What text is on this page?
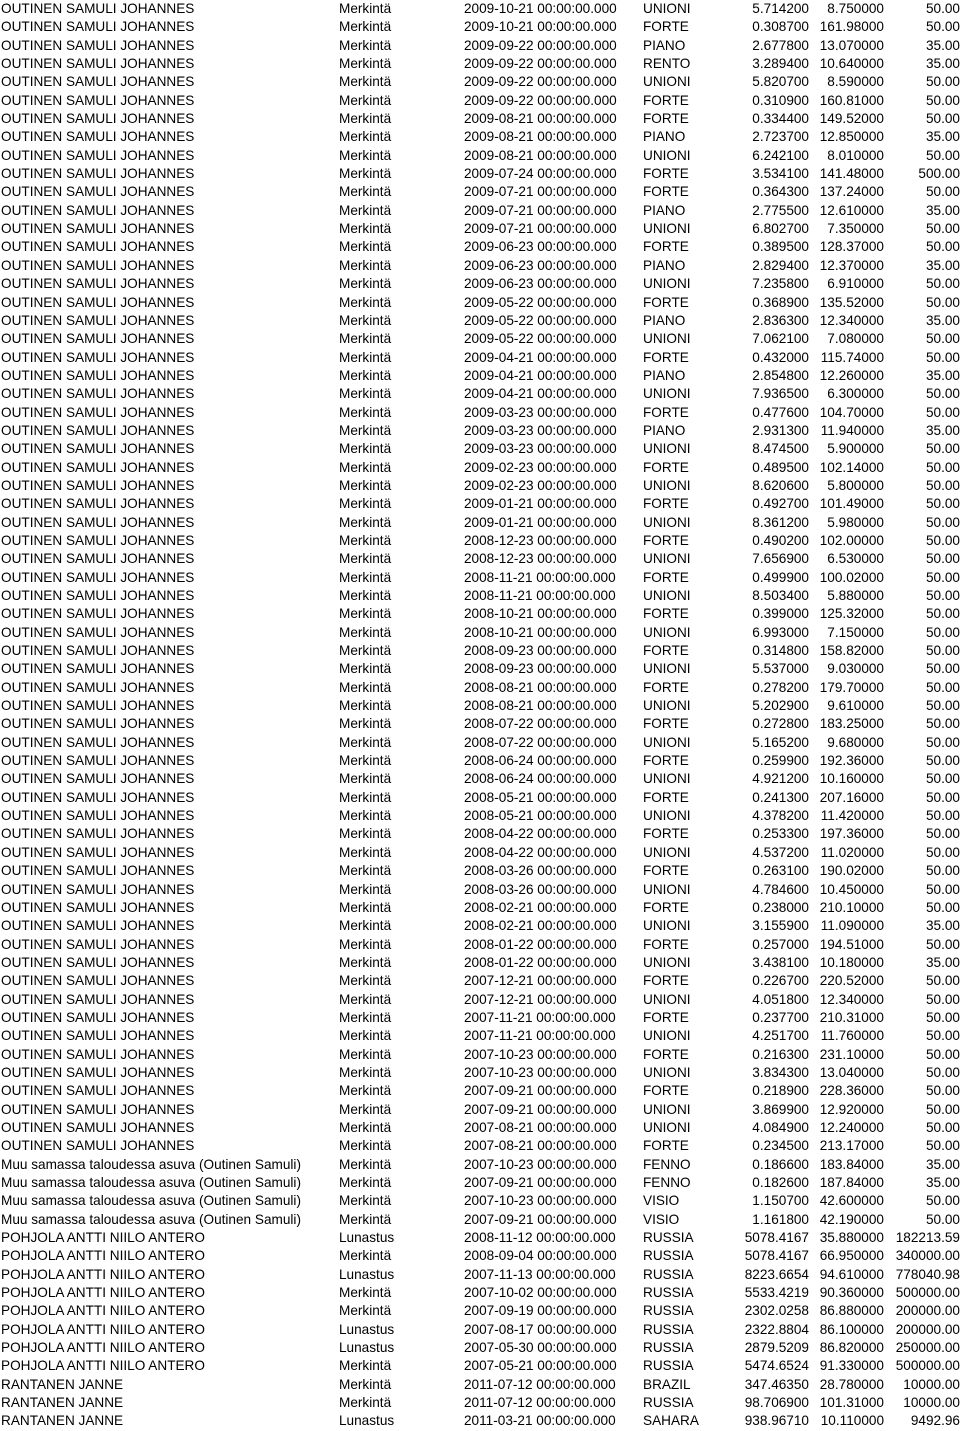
OUTINEN SAMULI JOHANNES	Merkintä	2009-10-21 00:00:00.000 UNIONI	5.714200 8.750000	50.00
OUTINEN SAMULI JOHANNES	Merkintä	2009-10-21 00:00:00.000 FORTE	0.308700 161.98000	50.00
OUTINEN SAMULI JOHANNES	Merkintä	2009-09-22 00:00:00.000 PIANO	2.677800 13.070000	35.00
OUTINEN SAMULI JOHANNES	Merkintä	2009-09-22 00:00:00.000 RENTO	3.289400 10.640000	35.00
OUTINEN SAMULI JOHANNES	Merkintä	2009-09-22 00:00:00.000 UNIONI	5.820700 8.590000	50.00
OUTINEN SAMULI JOHANNES	Merkintä	2009-09-22 00:00:00.000 FORTE	0.310900 160.81000	50.00
OUTINEN SAMULI JOHANNES	Merkintä	2009-08-21 00:00:00.000 FORTE	0.334400 149.52000	50.00
OUTINEN SAMULI JOHANNES	Merkintä	2009-08-21 00:00:00.000 PIANO	2.723700 12.850000	35.00
OUTINEN SAMULI JOHANNES	Merkintä	2009-08-21 00:00:00.000 UNIONI	6.242100 8.010000	50.00
OUTINEN SAMULI JOHANNES	Merkintä	2009-07-24 00:00:00.000 FORTE	3.534100 141.48000	500.00
OUTINEN SAMULI JOHANNES	Merkintä	2009-07-21 00:00:00.000 FORTE	0.364300 137.24000	50.00
OUTINEN SAMULI JOHANNES	Merkintä	2009-07-21 00:00:00.000 PIANO	2.775500 12.610000	35.00
OUTINEN SAMULI JOHANNES	Merkintä	2009-07-21 00:00:00.000 UNIONI	6.802700 7.350000	50.00
OUTINEN SAMULI JOHANNES	Merkintä	2009-06-23 00:00:00.000 FORTE	0.389500 128.37000	50.00
OUTINEN SAMULI JOHANNES	Merkintä	2009-06-23 00:00:00.000 PIANO	2.829400 12.370000	35.00
OUTINEN SAMULI JOHANNES	Merkintä	2009-06-23 00:00:00.000 UNIONI	7.235800 6.910000	50.00
OUTINEN SAMULI JOHANNES	Merkintä	2009-05-22 00:00:00.000 FORTE	0.368900 135.52000	50.00
OUTINEN SAMULI JOHANNES	Merkintä	2009-05-22 00:00:00.000 PIANO	2.836300 12.340000	35.00
OUTINEN SAMULI JOHANNES	Merkintä	2009-05-22 00:00:00.000 UNIONI	7.062100 7.080000	50.00
OUTINEN SAMULI JOHANNES	Merkintä	2009-04-21 00:00:00.000 FORTE	0.432000 115.74000	50.00
OUTINEN SAMULI JOHANNES	Merkintä	2009-04-21 00:00:00.000 PIANO	2.854800 12.260000	35.00
OUTINEN SAMULI JOHANNES	Merkintä	2009-04-21 00:00:00.000 UNIONI	7.936500 6.300000	50.00
OUTINEN SAMULI JOHANNES	Merkintä	2009-03-23 00:00:00.000 FORTE	0.477600 104.70000	50.00
OUTINEN SAMULI JOHANNES	Merkintä	2009-03-23 00:00:00.000 PIANO	2.931300 11.940000	35.00
OUTINEN SAMULI JOHANNES	Merkintä	2009-03-23 00:00:00.000 UNIONI	8.474500 5.900000	50.00
OUTINEN SAMULI JOHANNES	Merkintä	2009-02-23 00:00:00.000 FORTE	0.489500 102.14000	50.00
OUTINEN SAMULI JOHANNES	Merkintä	2009-02-23 00:00:00.000 UNIONI	8.620600 5.800000	50.00
OUTINEN SAMULI JOHANNES	Merkintä	2009-01-21 00:00:00.000 FORTE	0.492700 101.49000	50.00
OUTINEN SAMULI JOHANNES	Merkintä	2009-01-21 00:00:00.000 UNIONI	8.361200 5.980000	50.00
OUTINEN SAMULI JOHANNES	Merkintä	2008-12-23 00:00:00.000 FORTE	0.490200 102.00000	50.00
OUTINEN SAMULI JOHANNES	Merkintä	2008-12-23 00:00:00.000 UNIONI	7.656900 6.530000	50.00
OUTINEN SAMULI JOHANNES	Merkintä	2008-11-21 00:00:00.000 FORTE	0.499900 100.02000	50.00
OUTINEN SAMULI JOHANNES	Merkintä	2008-11-21 00:00:00.000 UNIONI	8.503400 5.880000	50.00
OUTINEN SAMULI JOHANNES	Merkintä	2008-10-21 00:00:00.000 FORTE	0.399000 125.32000	50.00
OUTINEN SAMULI JOHANNES	Merkintä	2008-10-21 00:00:00.000 UNIONI	6.993000 7.150000	50.00
OUTINEN SAMULI JOHANNES	Merkintä	2008-09-23 00:00:00.000 FORTE	0.314800 158.82000	50.00
OUTINEN SAMULI JOHANNES	Merkintä	2008-09-23 00:00:00.000 UNIONI	5.537000 9.030000	50.00
OUTINEN SAMULI JOHANNES	Merkintä	2008-08-21 00:00:00.000 FORTE	0.278200 179.70000	50.00
OUTINEN SAMULI JOHANNES	Merkintä	2008-08-21 00:00:00.000 UNIONI	5.202900 9.610000	50.00
OUTINEN SAMULI JOHANNES	Merkintä	2008-07-22 00:00:00.000 FORTE	0.272800 183.25000	50.00
OUTINEN SAMULI JOHANNES	Merkintä	2008-07-22 00:00:00.000 UNIONI	5.165200 9.680000	50.00
OUTINEN SAMULI JOHANNES	Merkintä	2008-06-24 00:00:00.000 FORTE	0.259900 192.36000	50.00
OUTINEN SAMULI JOHANNES	Merkintä	2008-06-24 00:00:00.000 UNIONI	4.921200 10.160000	50.00
OUTINEN SAMULI JOHANNES	Merkintä	2008-05-21 00:00:00.000 FORTE	0.241300 207.16000	50.00
OUTINEN SAMULI JOHANNES	Merkintä	2008-05-21 00:00:00.000 UNIONI	4.378200 11.420000	50.00
OUTINEN SAMULI JOHANNES	Merkintä	2008-04-22 00:00:00.000 FORTE	0.253300 197.36000	50.00
OUTINEN SAMULI JOHANNES	Merkintä	2008-04-22 00:00:00.000 UNIONI	4.537200 11.020000	50.00
OUTINEN SAMULI JOHANNES	Merkintä	2008-03-26 00:00:00.000 FORTE	0.263100 190.02000	50.00
OUTINEN SAMULI JOHANNES	Merkintä	2008-03-26 00:00:00.000 UNIONI	4.784600 10.450000	50.00
OUTINEN SAMULI JOHANNES	Merkintä	2008-02-21 00:00:00.000 FORTE	0.238000 210.10000	50.00
OUTINEN SAMULI JOHANNES	Merkintä	2008-02-21 00:00:00.000 UNIONI	3.155900 11.090000	35.00
OUTINEN SAMULI JOHANNES	Merkintä	2008-01-22 00:00:00.000 FORTE	0.257000 194.51000	50.00
OUTINEN SAMULI JOHANNES	Merkintä	2008-01-22 00:00:00.000 UNIONI	3.438100 10.180000	35.00
OUTINEN SAMULI JOHANNES	Merkintä	2007-12-21 00:00:00.000 FORTE	0.226700 220.52000	50.00
OUTINEN SAMULI JOHANNES	Merkintä	2007-12-21 00:00:00.000 UNIONI	4.051800 12.340000	50.00
OUTINEN SAMULI JOHANNES	Merkintä	2007-11-21 00:00:00.000 FORTE	0.237700 210.31000	50.00
OUTINEN SAMULI JOHANNES	Merkintä	2007-11-21 00:00:00.000 UNIONI	4.251700 11.760000	50.00
OUTINEN SAMULI JOHANNES	Merkintä	2007-10-23 00:00:00.000 FORTE	0.216300 231.10000	50.00
OUTINEN SAMULI JOHANNES	Merkintä	2007-10-23 00:00:00.000 UNIONI	3.834300 13.040000	50.00
OUTINEN SAMULI JOHANNES	Merkintä	2007-09-21 00:00:00.000 FORTE	0.218900 228.36000	50.00
OUTINEN SAMULI JOHANNES	Merkintä	2007-09-21 00:00:00.000 UNIONI	3.869900 12.920000	50.00
OUTINEN SAMULI JOHANNES	Merkintä	2007-08-21 00:00:00.000 UNIONI	4.084900 12.240000	50.00
OUTINEN SAMULI JOHANNES	Merkintä	2007-08-21 00:00:00.000 FORTE	0.234500 213.17000	50.00
Muu samassa taloudessa asuva (Outinen Samuli)	Merkintä	2007-10-23 00:00:00.000 FENNO	0.186600 183.84000	35.00
Muu samassa taloudessa asuva (Outinen Samuli)	Merkintä	2007-09-21 00:00:00.000 FENNO	0.182600 187.84000	35.00
Muu samassa taloudessa asuva (Outinen Samuli)	Merkintä	2007-10-23 00:00:00.000 VISIO	1.150700 42.600000	50.00
Muu samassa taloudessa asuva (Outinen Samuli)	Merkintä	2007-09-21 00:00:00.000 VISIO	1.161800 42.190000	50.00
POHJOLA ANTTI NIILO ANTERO	Lunastus	2008-11-12 00:00:00.000 RUSSIA	5078.4167 35.880000 182213.59
POHJOLA ANTTI NIILO ANTERO	Merkintä	2008-09-04 00:00:00.000 RUSSIA	5078.4167 66.950000 340000.00
POHJOLA ANTTI NIILO ANTERO	Lunastus	2007-11-13 00:00:00.000 RUSSIA	8223.6654 94.610000 778040.98
POHJOLA ANTTI NIILO ANTERO	Merkintä	2007-10-02 00:00:00.000 RUSSIA	5533.4219 90.360000 500000.00
POHJOLA ANTTI NIILO ANTERO	Merkintä	2007-09-19 00:00:00.000 RUSSIA	2302.0258 86.880000 200000.00
POHJOLA ANTTI NIILO ANTERO	Lunastus	2007-08-17 00:00:00.000 RUSSIA	2322.8804 86.100000 200000.00
POHJOLA ANTTI NIILO ANTERO	Lunastus	2007-05-30 00:00:00.000 RUSSIA	2879.5209 86.820000 250000.00
POHJOLA ANTTI NIILO ANTERO	Merkintä	2007-05-21 00:00:00.000 RUSSIA	5474.6524 91.330000 500000.00
RANTANEN JANNE	Merkintä	2011-07-12 00:00:00.000 BRAZIL	347.46350 28.780000 10000.00
RANTANEN JANNE	Merkintä	2011-07-12 00:00:00.000 RUSSIA	98.706900 101.31000 10000.00
RANTANEN JANNE	Lunastus	2011-03-21 00:00:00.000 SAHARA	938.96710 10.110000 9492.96
